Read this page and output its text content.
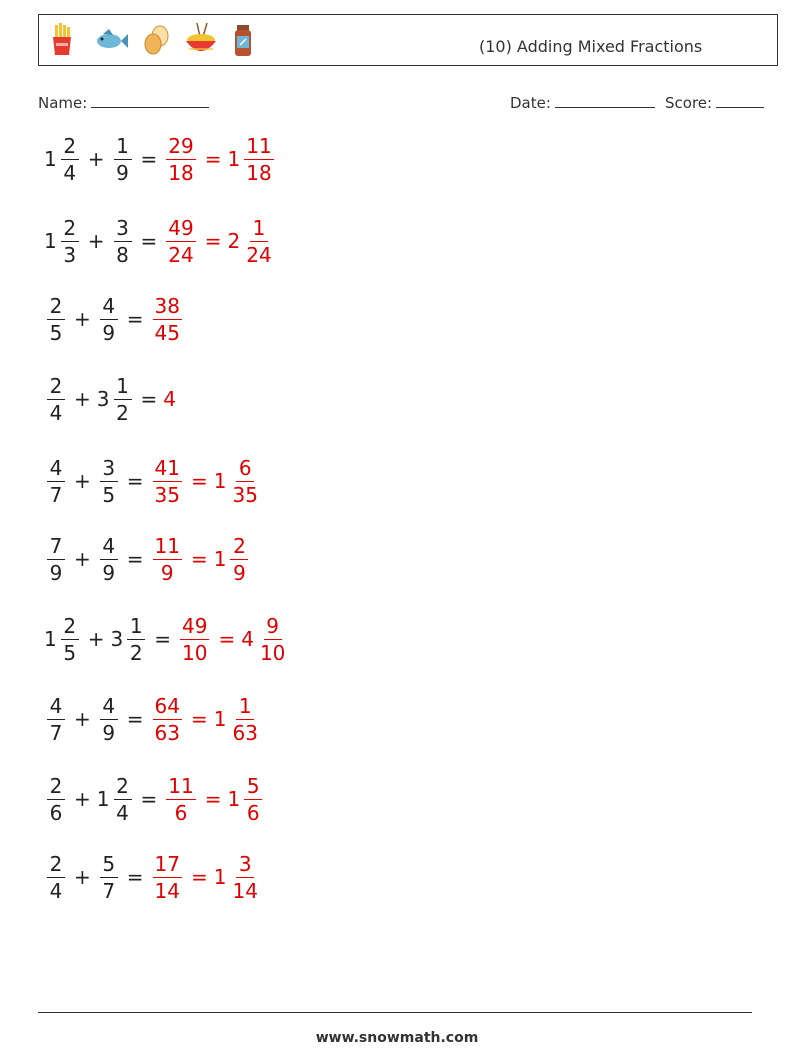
(10) Adding Mixed Fractions
Name:	Date:	Score:
$1 \frac{2}{4} + \frac{1}{9} = \frac{29}{18} = 1 \frac{11}{18}$
$1 \frac{2}{3} + \frac{3}{8} = \frac{49}{24} = 2 \frac{1}{24}$
$\frac{2}{5} + \frac{4}{9} = \frac{38}{45}$
$\frac{2}{4} + 3 \frac{1}{2} = 4$
$\frac{4}{7} + \frac{3}{5} = \frac{41}{35} = 1 \frac{6}{35}$
$\frac{7}{9} + \frac{4}{9} = \frac{11}{9} = 1 \frac{2}{9}$
$1 \frac{2}{5} + 3 \frac{1}{2} = \frac{49}{10} = 4 \frac{9}{10}$
$\frac{4}{7} + \frac{4}{9} = \frac{64}{63} = 1 \frac{1}{63}$
$\frac{2}{6} + 1 \frac{2}{4} = \frac{11}{6} = 1 \frac{5}{6}$
$\frac{2}{4} + \frac{5}{7} = \frac{17}{14} = 1 \frac{3}{14}$
www.snowmath.com
